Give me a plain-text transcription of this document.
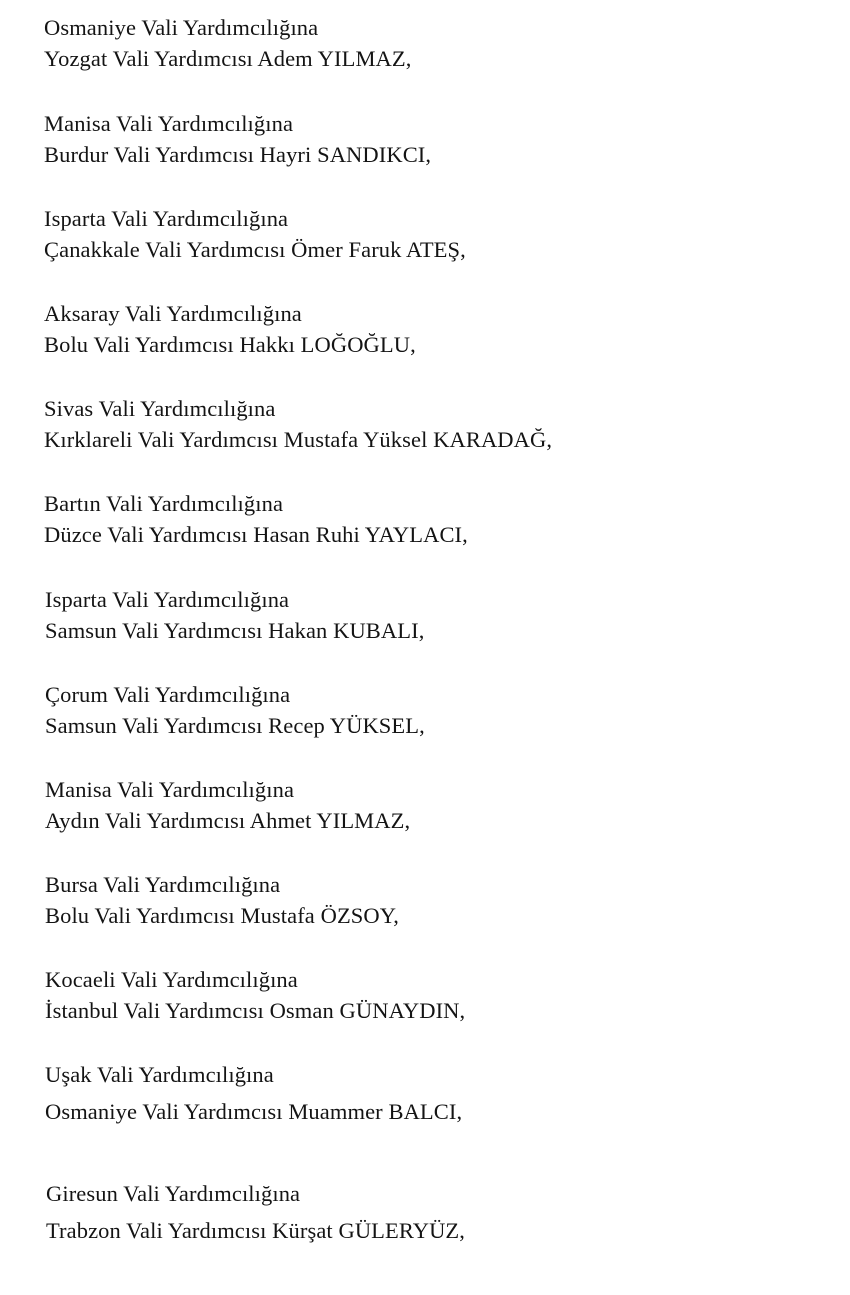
Osmaniye Vali Yardımcılığına
Yozgat Vali Yardımcısı Adem YILMAZ,
Manisa Vali Yardımcılığına
Burdur Vali Yardımcısı Hayri SANDIKCI,
Isparta Vali Yardımcılığına
Çanakkale Vali Yardımcısı Ömer Faruk ATEŞ,
Aksaray Vali Yardımcılığına
Bolu Vali Yardımcısı Hakkı LOĞOĞLU,
Sivas Vali Yardımcılığına
Kırklareli Vali Yardımcısı Mustafa Yüksel KARADAĞ,
Bartın Vali Yardımcılığına
Düzce Vali Yardımcısı Hasan Ruhi YAYLACI,
Isparta Vali Yardımcılığına
Samsun Vali Yardımcısı Hakan KUBALI,
Çorum Vali Yardımcılığına
Samsun Vali Yardımcısı Recep YÜKSEL,
Manisa Vali Yardımcılığına
Aydın Vali Yardımcısı Ahmet YILMAZ,
Bursa Vali Yardımcılığına
Bolu Vali Yardımcısı Mustafa ÖZSOY,
Kocaeli Vali Yardımcılığına
İstanbul Vali Yardımcısı Osman GÜNAYDIN,
Uşak Vali Yardımcılığına
Osmaniye Vali Yardımcısı Muammer BALCI,
Giresun Vali Yardımcılığına
Trabzon Vali Yardımcısı Kürşat GÜLERYÜZ,
